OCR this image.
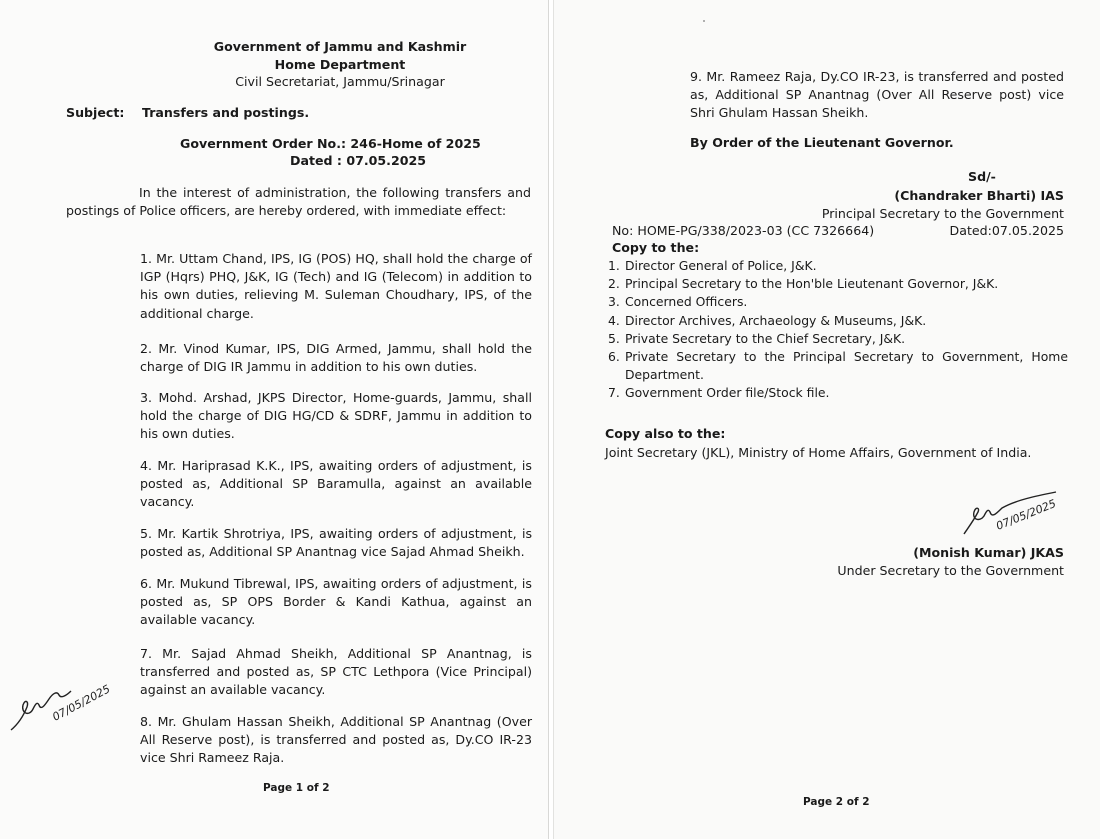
Government of Jammu and Kashmir
Home Department
Civil Secretariat, Jammu/Srinagar
Subject: Transfers and postings.
Government Order No.: 246-Home of 2025
Dated : 07.05.2025
In the interest of administration, the following transfers and postings of Police officers, are hereby ordered, with immediate effect:
1. Mr. Uttam Chand, IPS, IG (POS) HQ, shall hold the charge of IGP (Hqrs) PHQ, J&K, IG (Tech) and IG (Telecom) in addition to his own duties, relieving M. Suleman Choudhary, IPS, of the additional charge.
2. Mr. Vinod Kumar, IPS, DIG Armed, Jammu, shall hold the charge of DIG IR Jammu in addition to his own duties.
3. Mohd. Arshad, JKPS Director, Home-guards, Jammu, shall hold the charge of DIG HG/CD & SDRF, Jammu in addition to his own duties.
4. Mr. Hariprasad K.K., IPS, awaiting orders of adjustment, is posted as, Additional SP Baramulla, against an available vacancy.
5. Mr. Kartik Shrotriya, IPS, awaiting orders of adjustment, is posted as, Additional SP Anantnag vice Sajad Ahmad Sheikh.
6. Mr. Mukund Tibrewal, IPS, awaiting orders of adjustment, is posted as, SP OPS Border & Kandi Kathua, against an available vacancy.
7. Mr. Sajad Ahmad Sheikh, Additional SP Anantnag, is transferred and posted as, SP CTC Lethpora (Vice Principal) against an available vacancy.
8. Mr. Ghulam Hassan Sheikh, Additional SP Anantnag (Over All Reserve post), is transferred and posted as, Dy.CO IR-23 vice Shri Rameez Raja.
07/05/2025
Page 1 of 2
9. Mr. Rameez Raja, Dy.CO IR-23, is transferred and posted as, Additional SP Anantnag (Over All Reserve post) vice Shri Ghulam Hassan Sheikh.
By Order of the Lieutenant Governor.
Sd/-
(Chandraker Bharti) IAS
Principal Secretary to the Government
No: HOME-PG/338/2023-03 (CC 7326664)	Dated:07.05.2025
Copy to the:
1. Director General of Police, J&K.
2. Principal Secretary to the Hon'ble Lieutenant Governor, J&K.
3. Concerned Officers.
4. Director Archives, Archaeology & Museums, J&K.
5. Private Secretary to the Chief Secretary, J&K.
6. Private Secretary to the Principal Secretary to Government, Home Department.
7. Government Order file/Stock file.
Copy also to the:
Joint Secretary (JKL), Ministry of Home Affairs, Government of India.
07/05/2025
(Monish Kumar) JKAS
Under Secretary to the Government
Page 2 of 2
